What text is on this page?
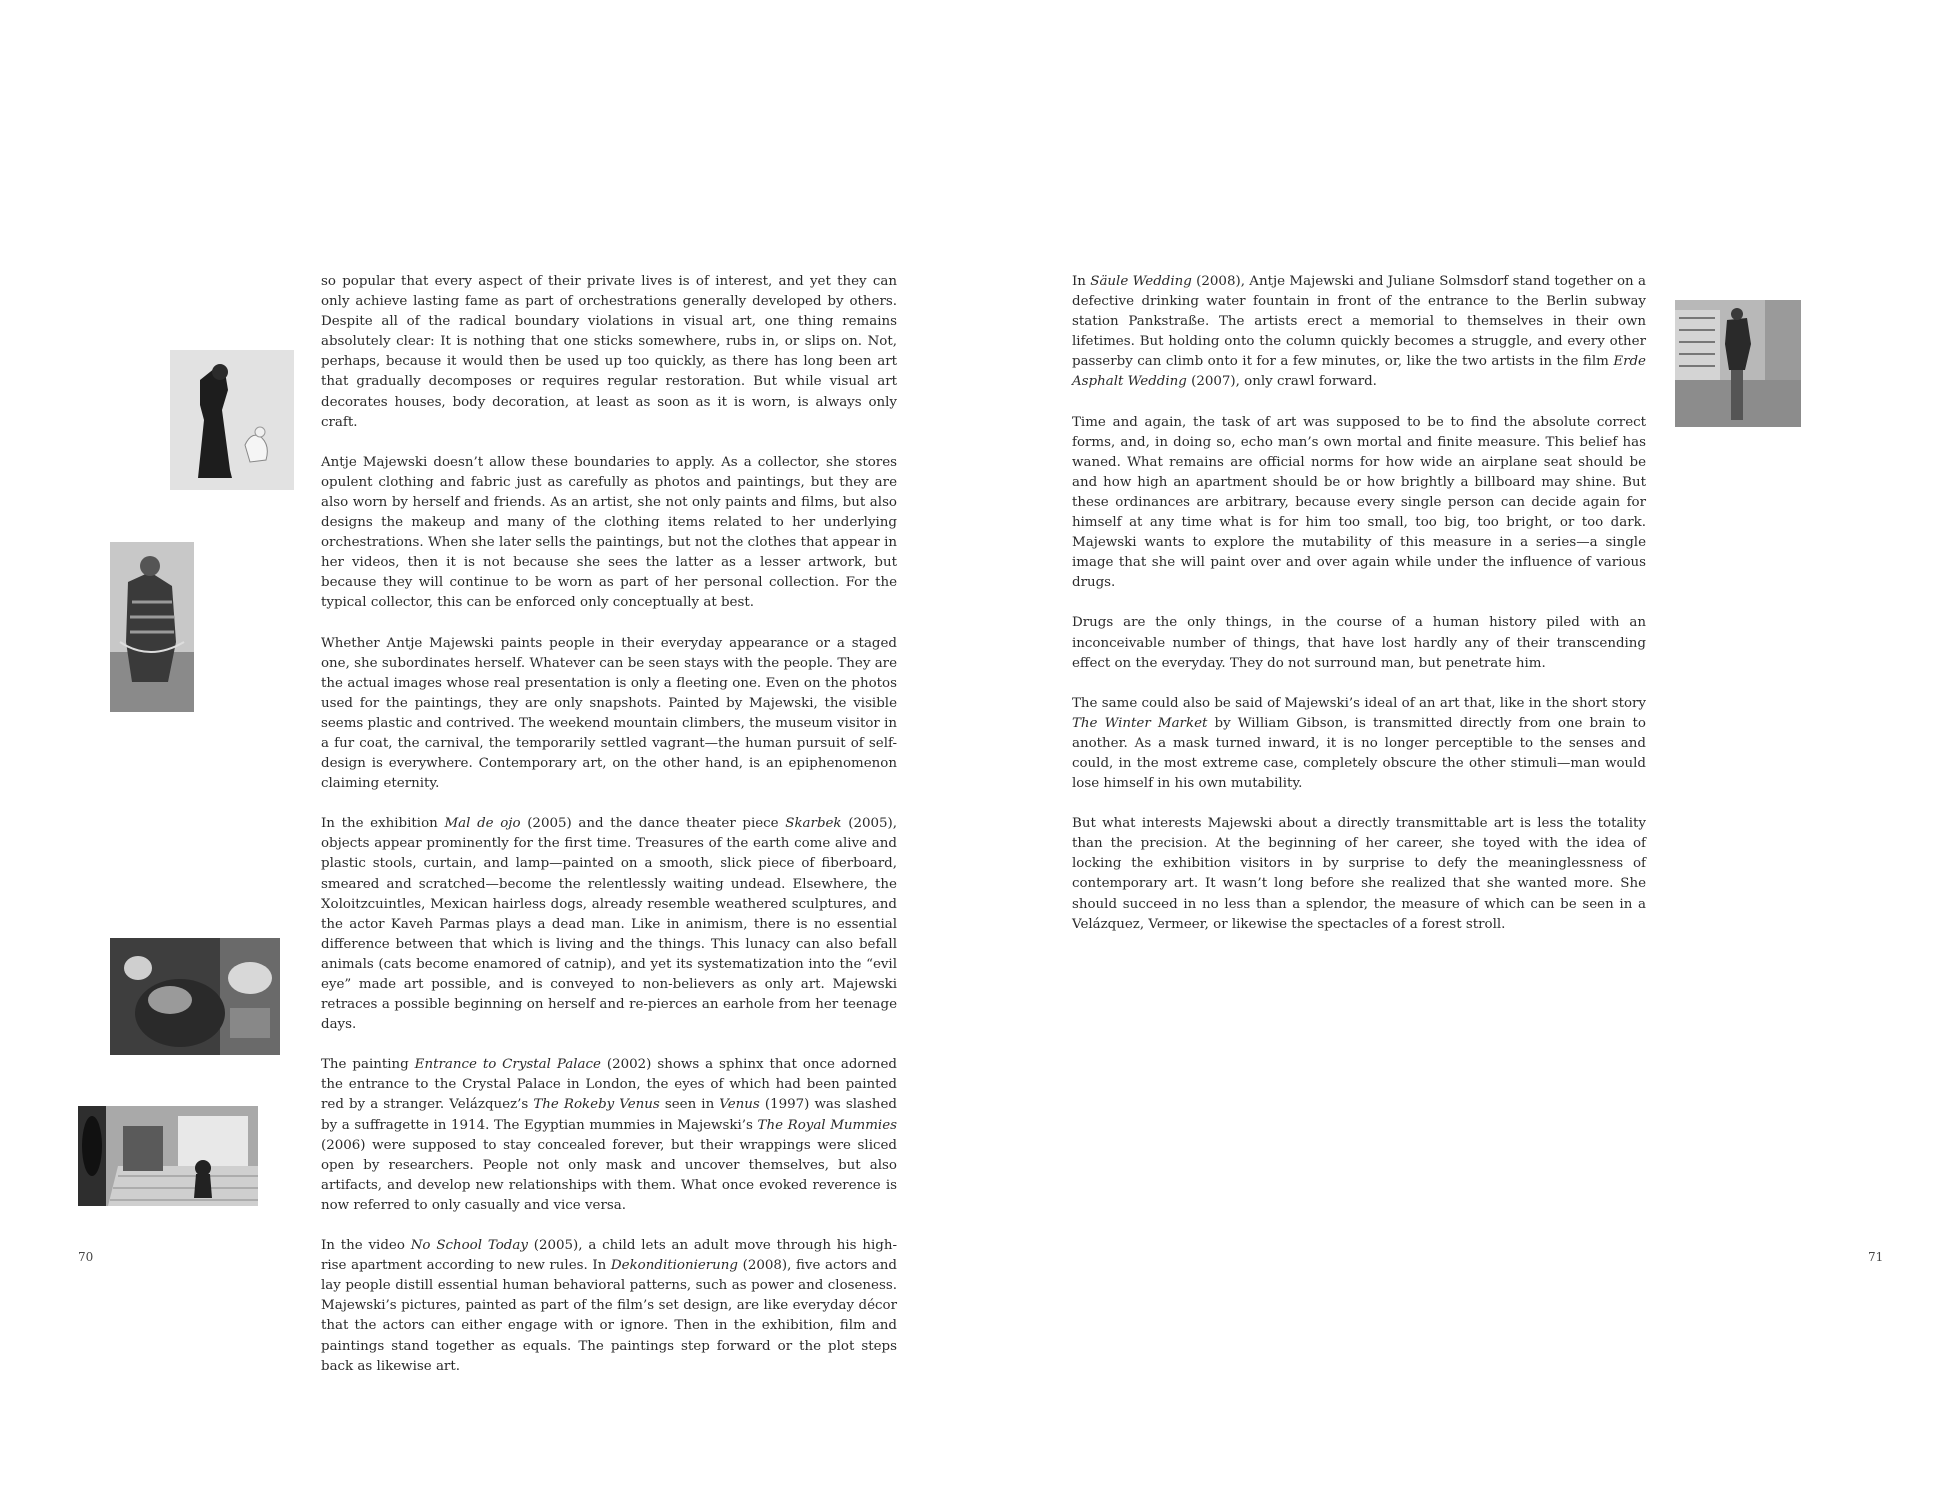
so popular that every aspect of their private lives is of interest, and yet they can only achieve lasting fame as part of orchestrations generally developed by others. Despite all of the radical boundary violations in visual art, one thing remains absolutely clear: It is nothing that one sticks somewhere, rubs in, or slips on. Not, perhaps, because it would then be used up too quickly, as there has long been art that gradually decomposes or requires regular restoration. But while visual art decorates houses, body decoration, at least as soon as it is worn, is always only craft.

Antje Majewski doesn’t allow these boundaries to apply. As a collector, she stores opulent clothing and fabric just as carefully as photos and paintings, but they are also worn by herself and friends. As an artist, she not only paints and films, but also designs the makeup and many of the clothing items related to her underlying orchestrations. When she later sells the paintings, but not the clothes that appear in her videos, then it is not because she sees the latter as a lesser artwork, but because they will continue to be worn as part of her personal collection. For the typical collector, this can be enforced only conceptually at best.

Whether Antje Majewski paints people in their everyday appearance or a staged one, she subordinates herself. Whatever can be seen stays with the people. They are the actual images whose real presentation is only a fleeting one. Even on the photos used for the paintings, they are only snapshots. Painted by Majewski, the visible seems plastic and contrived. The weekend mountain climbers, the museum visitor in a fur coat, the carnival, the temporarily settled vagrant—the human pursuit of self-design is everywhere. Contemporary art, on the other hand, is an epiphenomenon claiming eternity.

In the exhibition Mal de ojo (2005) and the dance theater piece Skarbek (2005), objects appear prominently for the first time. Treasures of the earth come alive and plastic stools, curtain, and lamp—painted on a smooth, slick piece of fiberboard, smeared and scratched—become the relentlessly waiting undead. Elsewhere, the Xoloitzcuintles, Mexican hairless dogs, already resemble weathered sculptures, and the actor Kaveh Parmas plays a dead man. Like in animism, there is no essential difference between that which is living and the things. This lunacy can also befall animals (cats become enamored of catnip), and yet its systematization into the “evil eye” made art possible, and is conveyed to non-believers as only art. Majewski retraces a possible beginning on herself and re-pierces an earhole from her teenage days.

The painting Entrance to Crystal Palace (2002) shows a sphinx that once adorned the entrance to the Crystal Palace in London, the eyes of which had been painted red by a stranger. Velázquez’s The Rokeby Venus seen in Venus (1997) was slashed by a suffragette in 1914. The Egyptian mummies in Majewski’s The Royal Mummies (2006) were supposed to stay concealed forever, but their wrappings were sliced open by researchers. People not only mask and uncover themselves, but also artifacts, and develop new relationships with them. What once evoked reverence is now referred to only casually and vice versa.

In the video No School Today (2005), a child lets an adult move through his high-rise apartment according to new rules. In Dekonditionierung (2008), five actors and lay people distill essential human behavioral patterns, such as power and closeness. Majewski’s pictures, painted as part of the film’s set design, are like everyday décor that the actors can either engage with or ignore. Then in the exhibition, film and paintings stand together as equals. The paintings step forward or the plot steps back as likewise art.

In Säule Wedding (2008), Antje Majewski and Juliane Solmsdorf stand together on a defective drinking water fountain in front of the entrance to the Berlin subway station Pankstraße. The artists erect a memorial to themselves in their own lifetimes. But holding onto the column quickly becomes a struggle, and every other passerby can climb onto it for a few minutes, or, like the two artists in the film Erde Asphalt Wedding (2007), only crawl forward.

Time and again, the task of art was supposed to be to find the absolute correct forms, and, in doing so, echo man’s own mortal and finite measure. This belief has waned. What remains are official norms for how wide an airplane seat should be and how high an apartment should be or how brightly a billboard may shine. But these ordinances are arbitrary, because every single person can decide again for himself at any time what is for him too small, too big, too bright, or too dark. Majewski wants to explore the mutability of this measure in a series—a single image that she will paint over and over again while under the influence of various drugs.

Drugs are the only things, in the course of a human history piled with an inconceivable number of things, that have lost hardly any of their transcending effect on the everyday. They do not surround man, but penetrate him.

The same could also be said of Majewski’s ideal of an art that, like in the short story The Winter Market by William Gibson, is transmitted directly from one brain to another. As a mask turned inward, it is no longer perceptible to the senses and could, in the most extreme case, completely obscure the other stimuli—man would lose himself in his own mutability.

But what interests Majewski about a directly transmittable art is less the totality than the precision. At the beginning of her career, she toyed with the idea of locking the exhibition visitors in by surprise to defy the meaninglessness of contemporary art. It wasn’t long before she realized that she wanted more. She should succeed in no less than a splendor, the measure of which can be seen in a Velázquez, Vermeer, or likewise the spectacles of a forest stroll.

70	71
